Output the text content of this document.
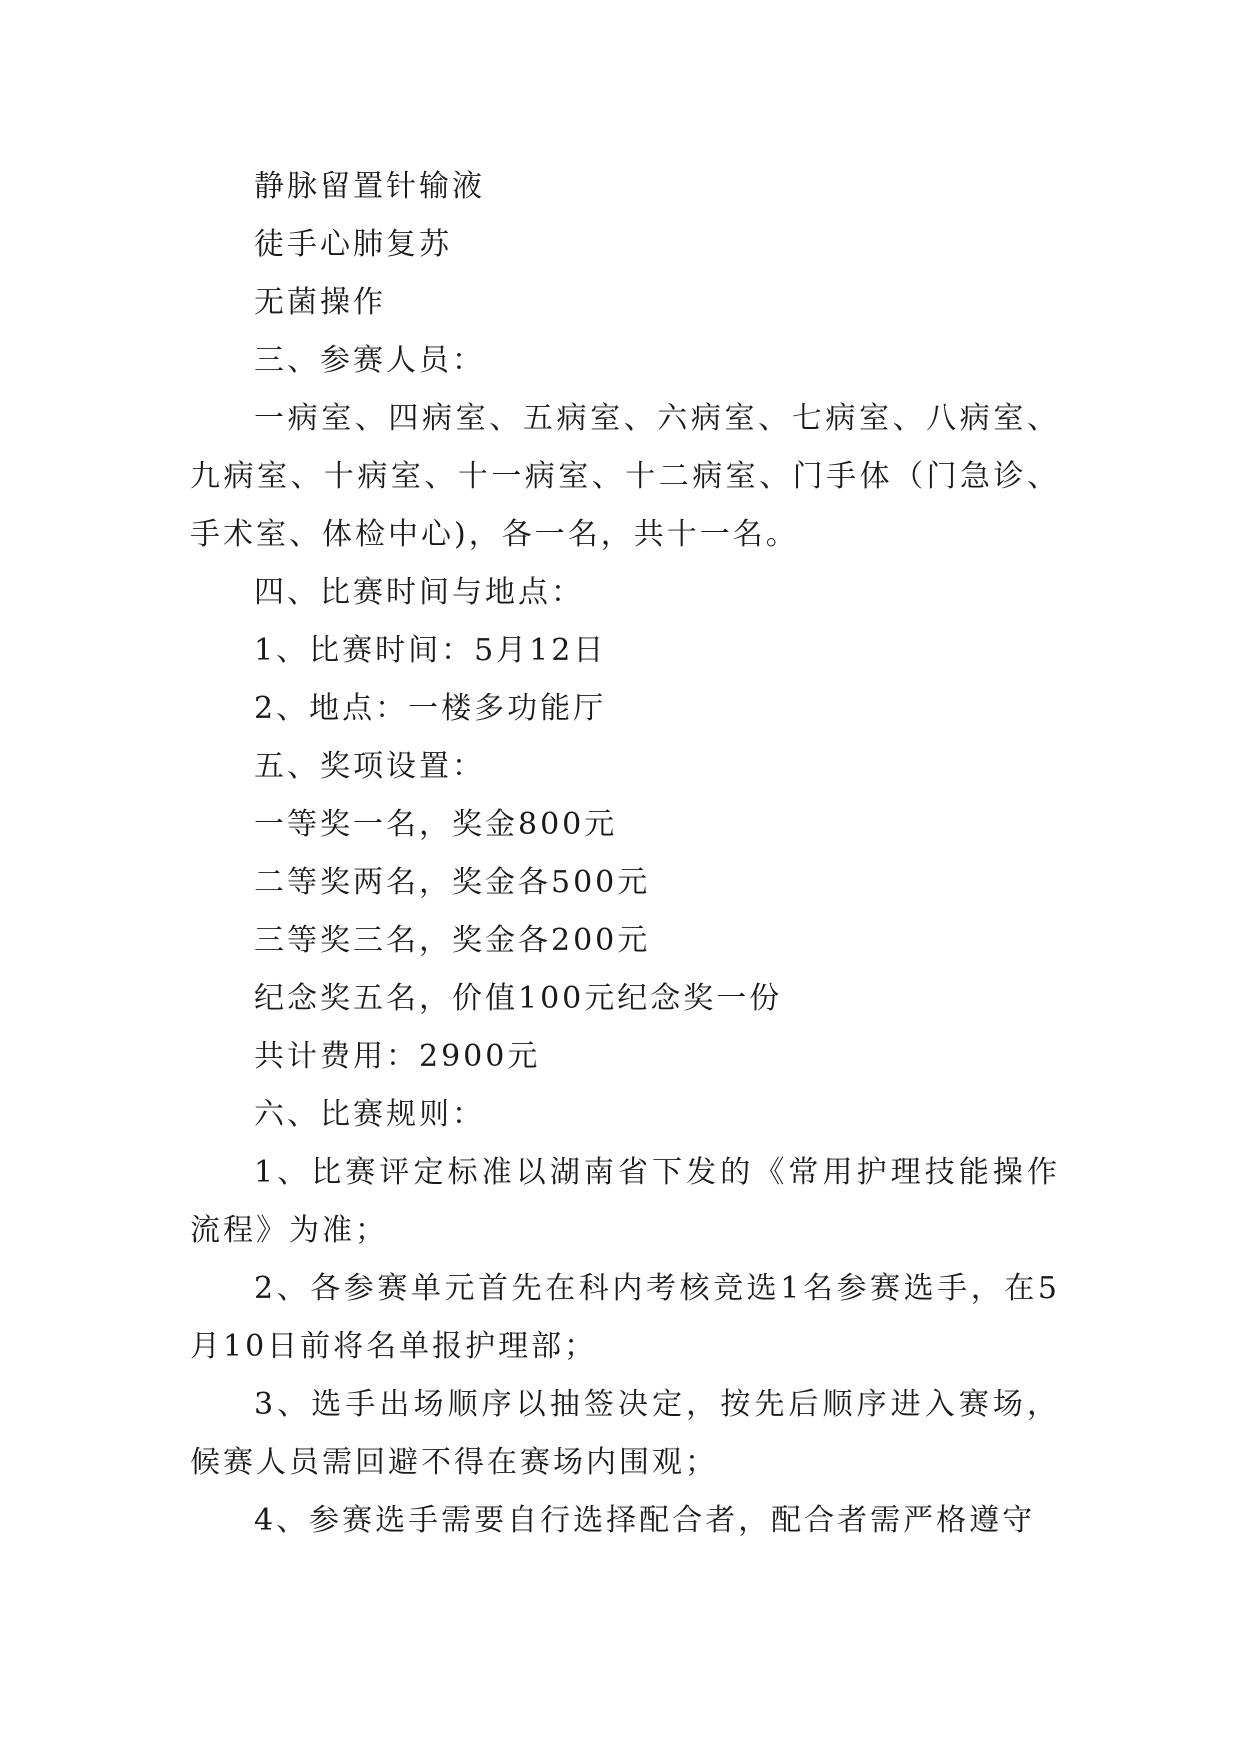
静脉留置针输液

徒手心肺复苏

无菌操作

三、参赛人员：

一病室、四病室、五病室、六病室、七病室、八病室、九病室、十病室、十一病室、十二病室、门手体（门急诊、手术室、体检中心)，各一名，共十一名。

四、比赛时间与地点：

1、比赛时间：5月12日

2、地点：一楼多功能厅

五、奖项设置：

一等奖一名，奖金800元

二等奖两名，奖金各500元

三等奖三名，奖金各200元

纪念奖五名，价值100元纪念奖一份

共计费用：2900元

六、比赛规则：

1、比赛评定标准以湖南省下发的《常用护理技能操作流程》为准；

2、各参赛单元首先在科内考核竞选1名参赛选手，在5月10日前将名单报护理部；

3、选手出场顺序以抽签决定，按先后顺序进入赛场，候赛人员需回避不得在赛场内围观；

4、参赛选手需要自行选择配合者，配合者需严格遵守
